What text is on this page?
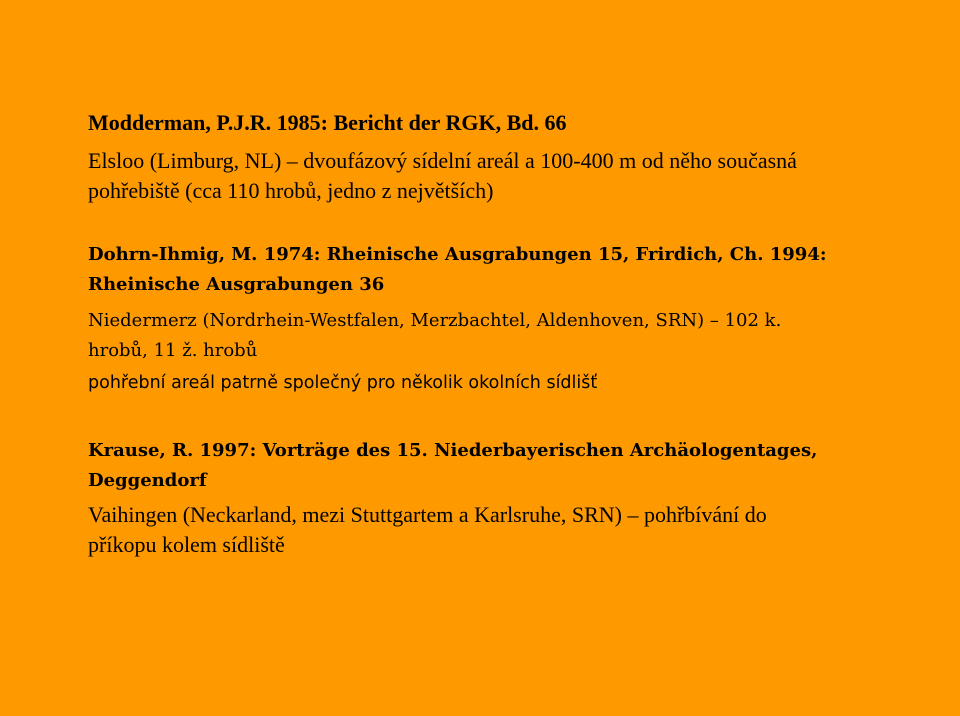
Modderman, P.J.R. 1985: Bericht der RGK, Bd. 66

Elsloo (Limburg, NL) – dvoufázový sídelní areál a 100-400 m od něho současná
pohřebiště (cca 110 hrobů, jedno z největších)

Dohrn-Ihmig, M. 1974: Rheinische Ausgrabungen 15, Frirdich, Ch. 1994:
Rheinische Ausgrabungen 36

Niedermerz (Nordrhein-Westfalen, Merzbachtel, Aldenhoven, SRN) – 102 k.
hrobů, 11 ž. hrobů

pohřební areál patrně společný pro několik okolních sídlišť

Krause, R. 1997: Vorträge des 15. Niederbayerischen Archäologentages,
Deggendorf

Vaihingen (Neckarland, mezi Stuttgartem a Karlsruhe, SRN) – pohřbívání do
příkopu kolem sídliště
